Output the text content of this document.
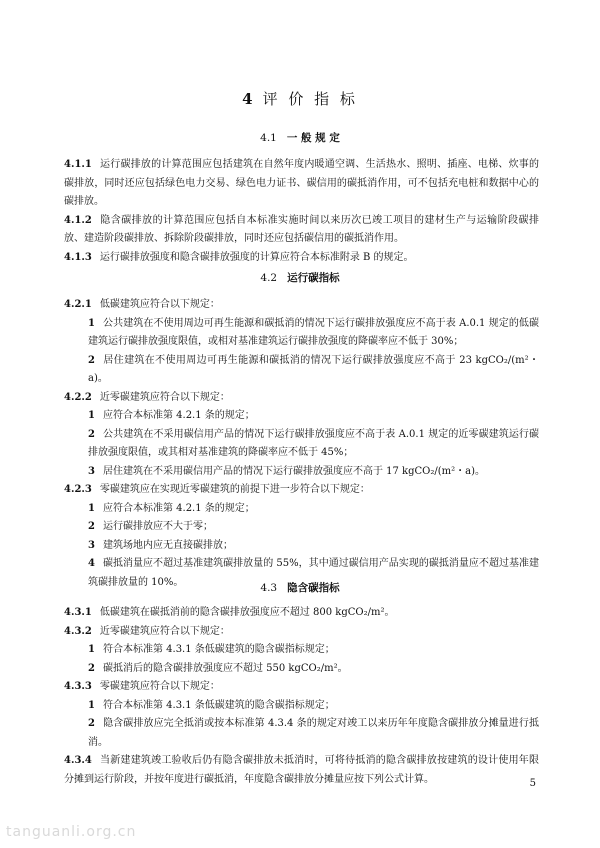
4 评 价 指 标
4.1 一 般 规 定
4.1.1 运行碳排放的计算范围应包括建筑在自然年度内暖通空调、生活热水、照明、插座、电梯、炊事的碳排放，同时还应包括绿色电力交易、绿色电力证书、碳信用的碳抵消作用，可不包括充电桩和数据中心的碳排放。
4.1.2 隐含碳排放的计算范围应包括自本标准实施时间以来历次已竣工项目的建材生产与运输阶段碳排放、建造阶段碳排放、拆除阶段碳排放，同时还应包括碳信用的碳抵消作用。
4.1.3 运行碳排放强度和隐含碳排放强度的计算应符合本标准附录 B 的规定。
4.2 运行碳指标
4.2.1 低碳建筑应符合以下规定：
1 公共建筑在不使用周边可再生能源和碳抵消的情况下运行碳排放强度应不高于表 A.0.1 规定的低碳建筑运行碳排放强度限值，或相对基准建筑运行碳排放强度的降碳率应不低于 30%；
2 居住建筑在不使用周边可再生能源和碳抵消的情况下运行碳排放强度应不高于 23 kgCO₂/(m²・a)。
4.2.2 近零碳建筑应符合以下规定：
1 应符合本标准第 4.2.1 条的规定；
2 公共建筑在不采用碳信用产品的情况下运行碳排放强度应不高于表 A.0.1 规定的近零碳建筑运行碳排放强度限值，或其相对基准建筑的降碳率应不低于 45%；
3 居住建筑在不采用碳信用产品的情况下运行碳排放强度应不高于 17 kgCO₂/(m²・a)。
4.2.3 零碳建筑应在实现近零碳建筑的前提下进一步符合以下规定：
1 应符合本标准第 4.2.1 条的规定；
2 运行碳排放应不大于零；
3 建筑场地内应无直接碳排放；
4 碳抵消量应不超过基准建筑碳排放量的 55%，其中通过碳信用产品实现的碳抵消量应不超过基准建筑碳排放量的 10%。	4.3 隐含碳指标
4.3.1 低碳建筑在碳抵消前的隐含碳排放强度应不超过 800 kgCO₂/m²。
4.3.2 近零碳建筑应符合以下规定：
1 符合本标准第 4.3.1 条低碳建筑的隐含碳指标规定；
2 碳抵消后的隐含碳排放强度应不超过 550 kgCO₂/m²。
4.3.3 零碳建筑应符合以下规定：
1 符合本标准第 4.3.1 条低碳建筑的隐含碳指标规定；
2 隐含碳排放应完全抵消或按本标准第 4.3.4 条的规定对竣工以来历年年度隐含碳排放分摊量进行抵消。
4.3.4 当新建建筑竣工验收后仍有隐含碳排放未抵消时，可将待抵消的隐含碳排放按建筑的设计使用年限分摊到运行阶段，并按年度进行碳抵消，年度隐含碳排放分摊量应按下列公式计算。	5
tanguanli.org.cn
